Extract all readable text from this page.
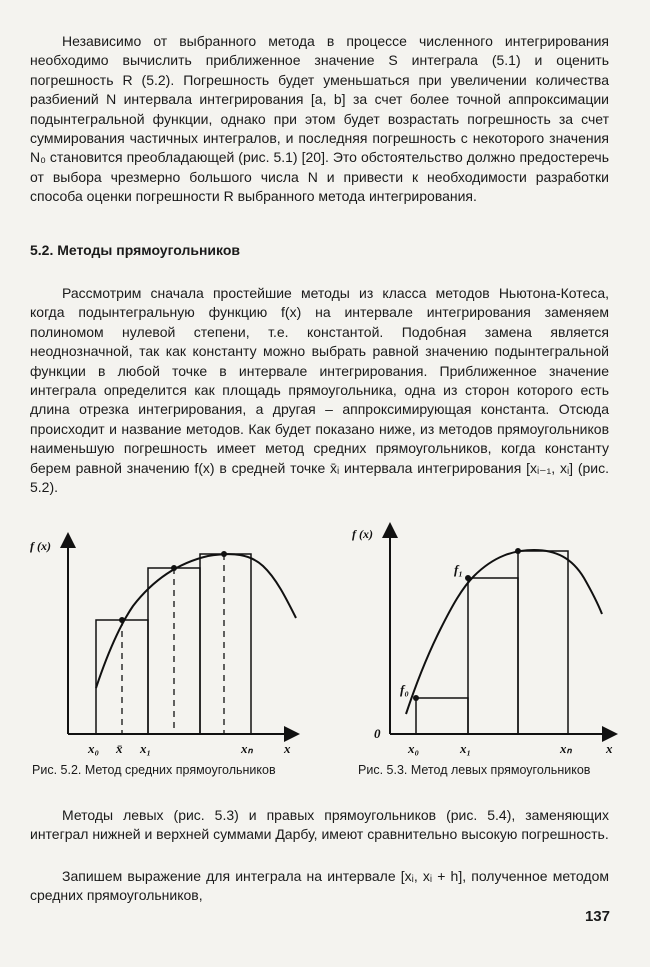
Независимо от выбранного метода в процессе численного интегрирования необходимо вычислить приближенное значение S интеграла (5.1) и оценить погрешность R (5.2). Погрешность будет уменьшаться при увеличении количества разбиений N интервала интегрирования [a, b] за счет более точной аппроксимации подынтегральной функции, однако при этом будет возрастать погрешность за счет суммирования частичных интегралов, и последняя погрешность с некоторого значения N₀ становится преобладающей (рис. 5.1) [20]. Это обстоятельство должно предостеречь от выбора чрезмерно большого числа N и привести к необходимости разработки способа оценки погрешности R выбранного метода интегрирования.

5.2. Методы прямоугольников

Рассмотрим сначала простейшие методы из класса методов Ньютона-Котеса, когда подынтегральную функцию f(x) на интервале интегрирования заменяем полиномом нулевой степени, т.е. константой. Подобная замена является неоднозначной, так как константу можно выбрать равной значению подынтегральной функции в любой точке в интервале интегрирования. Приближенное значение интеграла определится как площадь прямоугольника, одна из сторон которого есть длина отрезка интегрирования, а другая – аппроксимирующая константа. Отсюда происходит и название методов. Как будет показано ниже, из методов прямоугольников наименьшую погрешность имеет метод средних прямоугольников, когда константу берем равной значению f(x) в средней точке x̄ᵢ интервала интегрирования [xᵢ₋₁, xᵢ] (рис. 5.2).

f (x)
x₀ x̄ x₁	xₙ x

Рис. 5.2. Метод средних прямоугольников

f (x)
0
f₀
f₁
x₀	x₁	xₙ	x

Рис. 5.3. Метод левых прямоугольников

Методы левых (рис. 5.3) и правых прямоугольников (рис. 5.4), заменяющих интеграл нижней и верхней суммами Дарбу, имеют сравнительно высокую погрешность.

Запишем выражение для интеграла на интервале [xᵢ, xᵢ + h], полученное методом средних прямоугольников,

137
